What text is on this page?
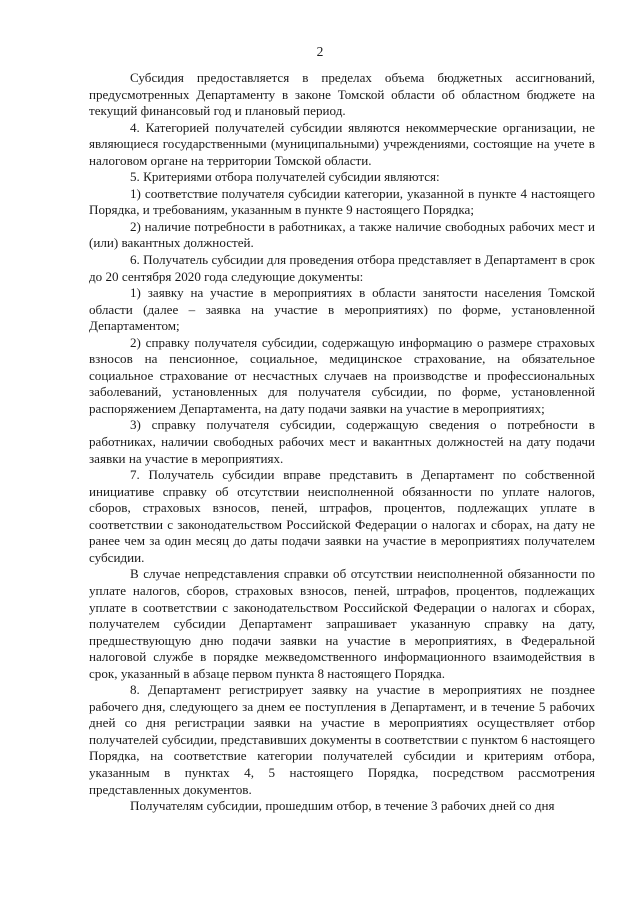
2

Субсидия предоставляется в пределах объема бюджетных ассигнований, предусмотренных Департаменту в законе Томской области об областном бюджете на текущий финансовый год и плановый период.

4. Категорией получателей субсидии являются некоммерческие организации, не являющиеся государственными (муниципальными) учреждениями, состоящие на учете в налоговом органе на территории Томской области.

5. Критериями отбора получателей субсидии являются:

1) соответствие получателя субсидии категории, указанной в пункте 4 настоящего Порядка, и требованиям, указанным в пункте 9 настоящего Порядка;

2) наличие потребности в работниках, а также наличие свободных рабочих мест и (или) вакантных должностей.

6. Получатель субсидии для проведения отбора представляет в Департамент в срок до 20 сентября 2020 года следующие документы:

1) заявку на участие в мероприятиях в области занятости населения Томской области (далее – заявка на участие в мероприятиях) по форме, установленной Департаментом;

2) справку получателя субсидии, содержащую информацию о размере страховых взносов на пенсионное, социальное, медицинское страхование, на обязательное социальное страхование от несчастных случаев на производстве и профессиональных заболеваний, установленных для получателя субсидии, по форме, установленной распоряжением Департамента, на дату подачи заявки на участие в мероприятиях;

3) справку получателя субсидии, содержащую сведения о потребности в работниках, наличии свободных рабочих мест и вакантных должностей на дату подачи заявки на участие в мероприятиях.

7. Получатель субсидии вправе представить в Департамент по собственной инициативе справку об отсутствии неисполненной обязанности по уплате налогов, сборов, страховых взносов, пеней, штрафов, процентов, подлежащих уплате в соответствии с законодательством Российской Федерации о налогах и сборах, на дату не ранее чем за один месяц до даты подачи заявки на участие в мероприятиях получателем субсидии.

В случае непредставления справки об отсутствии неисполненной обязанности по уплате налогов, сборов, страховых взносов, пеней, штрафов, процентов, подлежащих уплате в соответствии с законодательством Российской Федерации о налогах и сборах, получателем субсидии Департамент запрашивает указанную справку на дату, предшествующую дню подачи заявки на участие в мероприятиях, в Федеральной налоговой службе в порядке межведомственного информационного взаимодействия в срок, указанный в абзаце первом пункта 8 настоящего Порядка.

8. Департамент регистрирует заявку на участие в мероприятиях не позднее рабочего дня, следующего за днем ее поступления в Департамент, и в течение 5 рабочих дней со дня регистрации заявки на участие в мероприятиях осуществляет отбор получателей субсидии, представивших документы в соответствии с пунктом 6 настоящего Порядка, на соответствие категории получателей субсидии и критериям отбора, указанным в пунктах 4, 5 настоящего Порядка, посредством рассмотрения представленных документов.

Получателям субсидии, прошедшим отбор, в течение 3 рабочих дней со дня
